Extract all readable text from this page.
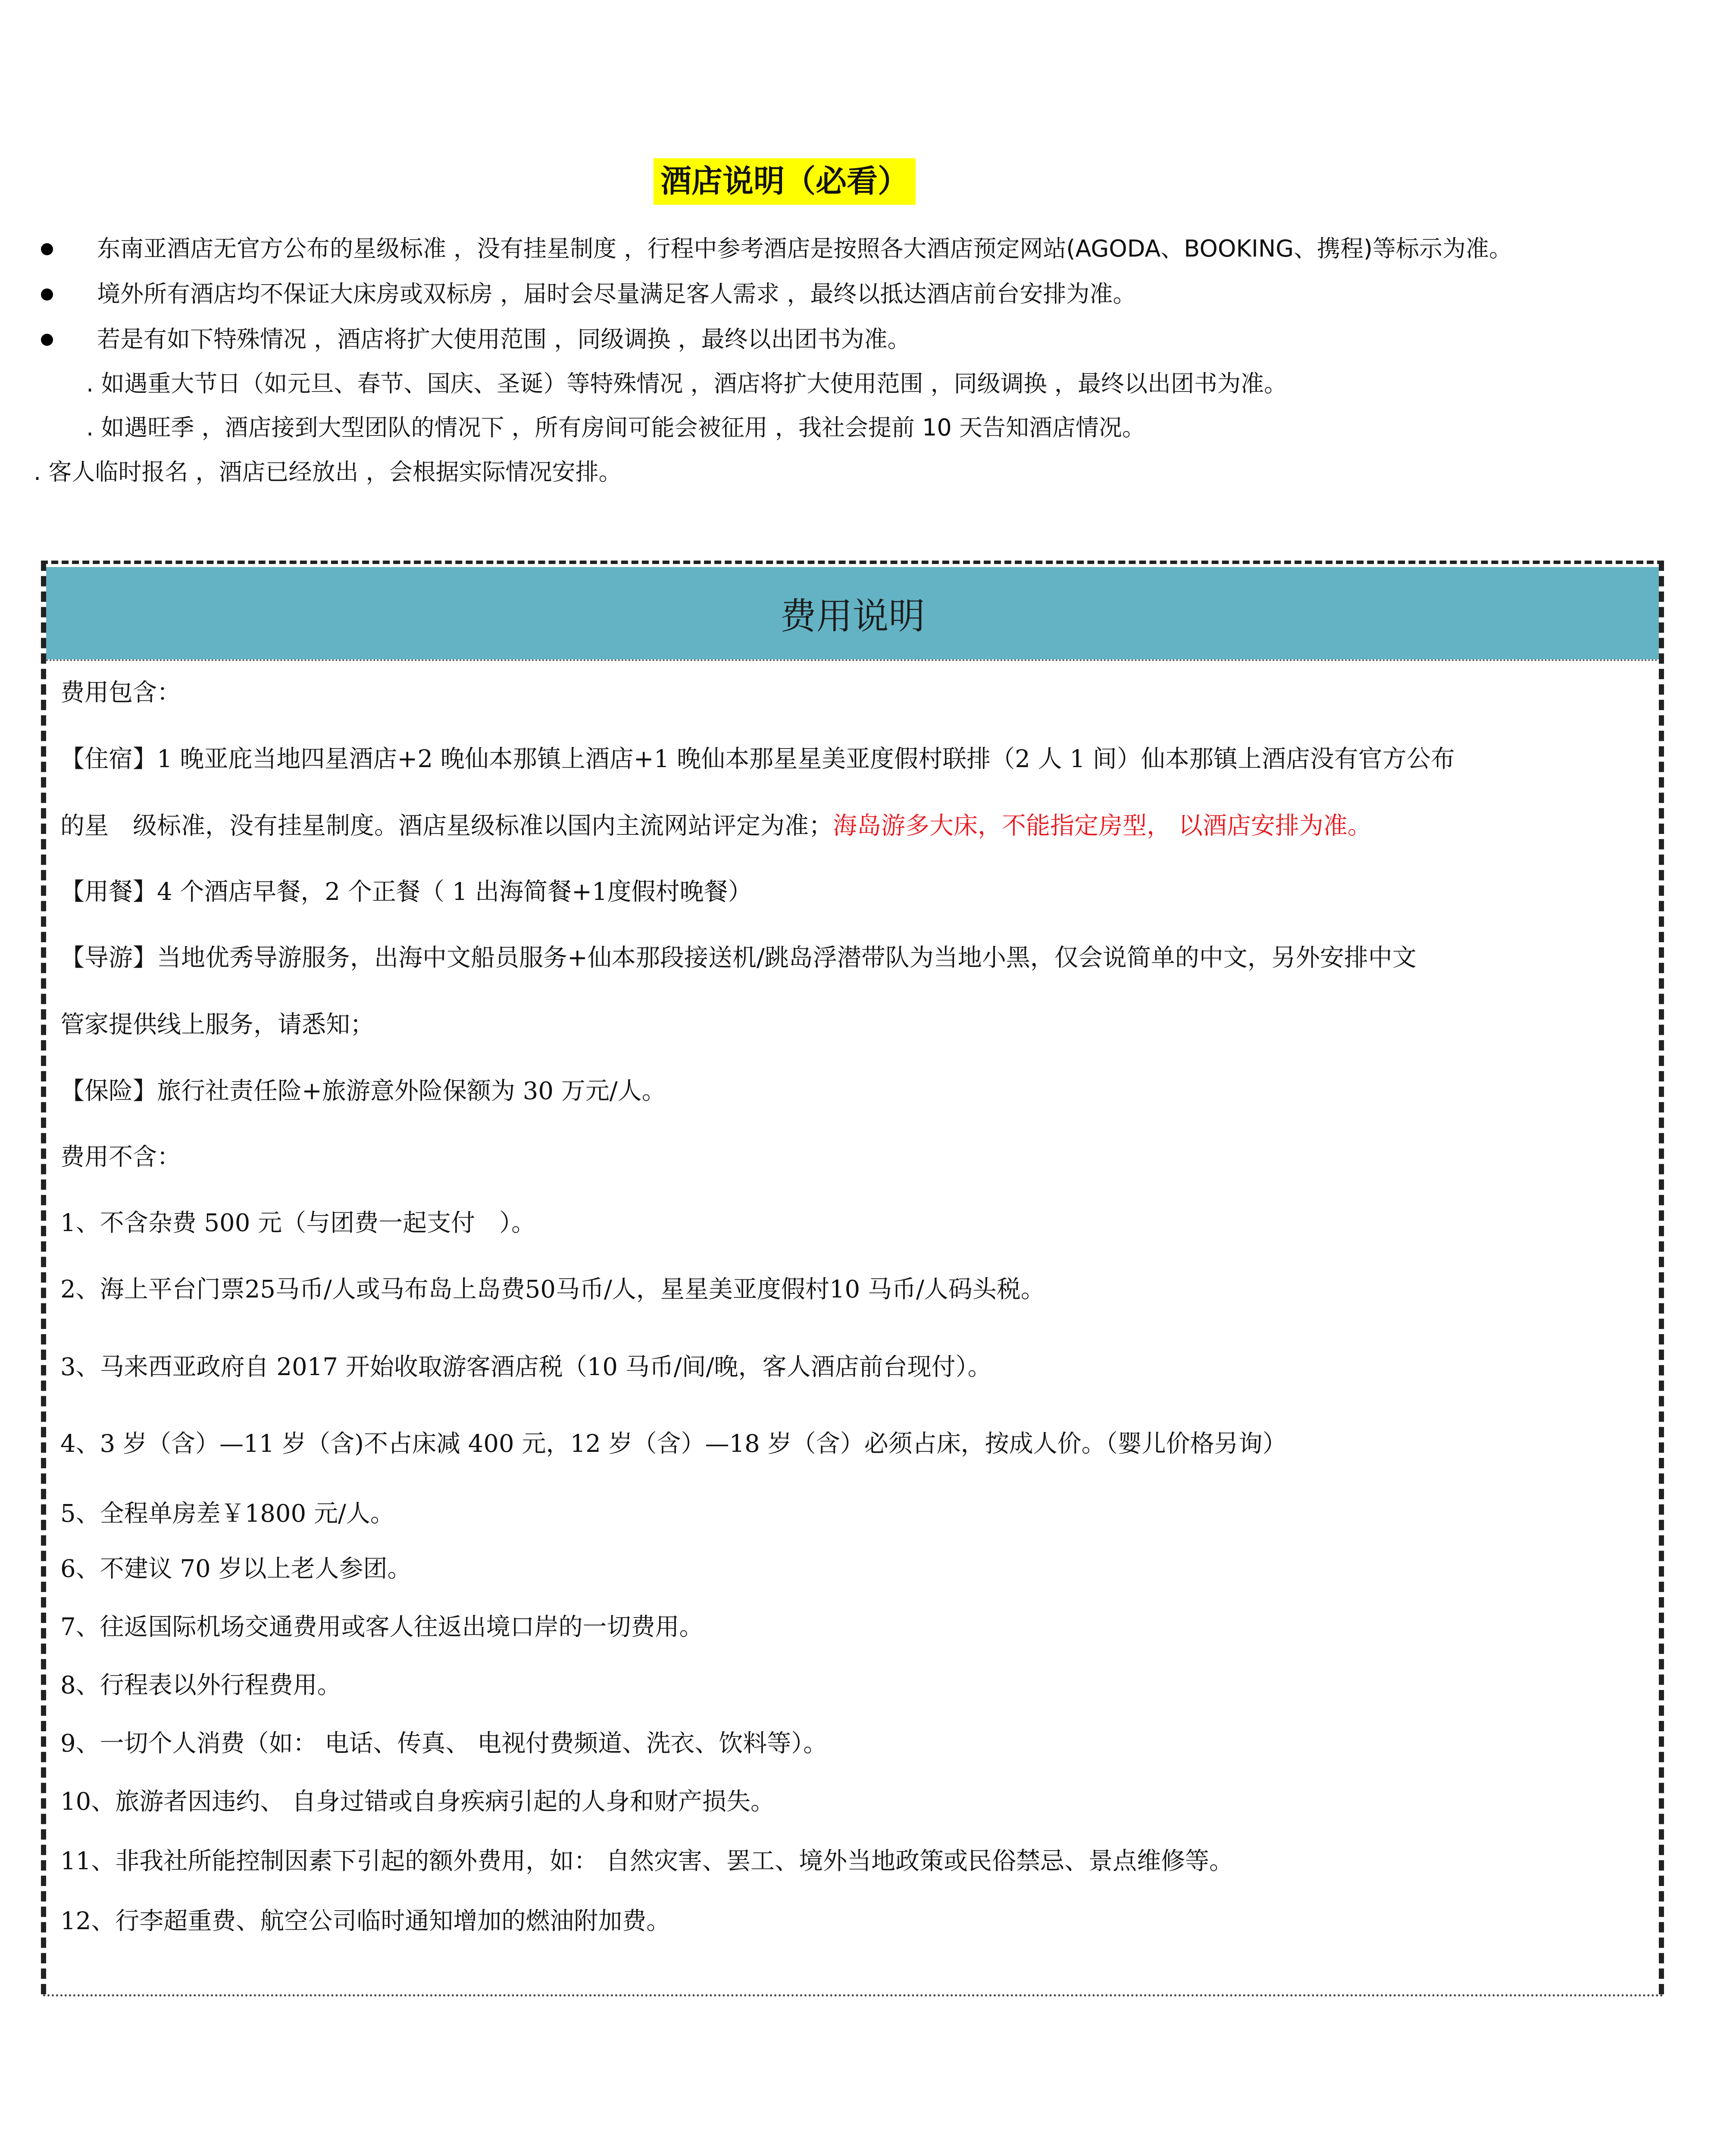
酒店说明（必看）
东南亚酒店无官方公布的星级标准 ，没有挂星制度 ，行程中参考酒店是按照各大酒店预定网站(AGODA、BOOKING、携程)等标示为准。
境外所有酒店均不保证大床房或双标房 ，届时会尽量满足客人需求 ，最终以抵达酒店前台安排为准。
若是有如下特殊情况 ，酒店将扩大使用范围 ，同级调换 ，最终以出团书为准。
. 如遇重大节日（如元旦、春节、国庆、圣诞）等特殊情况 ，酒店将扩大使用范围 ，同级调换 ，最终以出团书为准。
. 如遇旺季 ，酒店接到大型团队的情况下 ，所有房间可能会被征用 ，我社会提前 10 天告知酒店情况。
. 客人临时报名 ，酒店已经放出 ，会根据实际情况安排。
费用说明
费用包含：
【住宿】1 晚亚庇当地四星酒店+2 晚仙本那镇上酒店+1 晚仙本那星星美亚度假村联排（2 人 1 间）仙本那镇上酒店没有官方公布
的星　级标准，没有挂星制度。酒店星级标准以国内主流网站评定为准；海岛游多大床，不能指定房型， 以酒店安排为准。
【用餐】4 个酒店早餐，2 个正餐（ 1 出海简餐+1度假村晚餐）
【导游】当地优秀导游服务，出海中文船员服务+仙本那段接送机/跳岛浮潜带队为当地小黑，仅会说简单的中文，另外安排中文
管家提供线上服务，请悉知；
【保险】旅行社责任险+旅游意外险保额为 30 万元/人。
费用不含：
1、不含杂费 500 元（与团费一起支付　）。
2、海上平台门票25马币/人或马布岛上岛费50马币/人，星星美亚度假村10 马币/人码头税。
3、马来西亚政府自 2017 开始收取游客酒店税（10 马币/间/晚，客人酒店前台现付）。
4、3 岁（含）—11 岁（含)不占床减 400 元，12 岁（含）—18 岁（含）必须占床，按成人价。（婴儿价格另询）
5、全程单房差￥1800 元/人。
6、不建议 70 岁以上老人参团。
7、往返国际机场交通费用或客人往返出境口岸的一切费用。
8、行程表以外行程费用。
9、一切个人消费（如： 电话、传真、 电视付费频道、洗衣、饮料等）。
10、旅游者因违约、 自身过错或自身疾病引起的人身和财产损失。
11、非我社所能控制因素下引起的额外费用，如： 自然灾害、罢工、境外当地政策或民俗禁忌、景点维修等。
12、行李超重费、航空公司临时通知增加的燃油附加费。
